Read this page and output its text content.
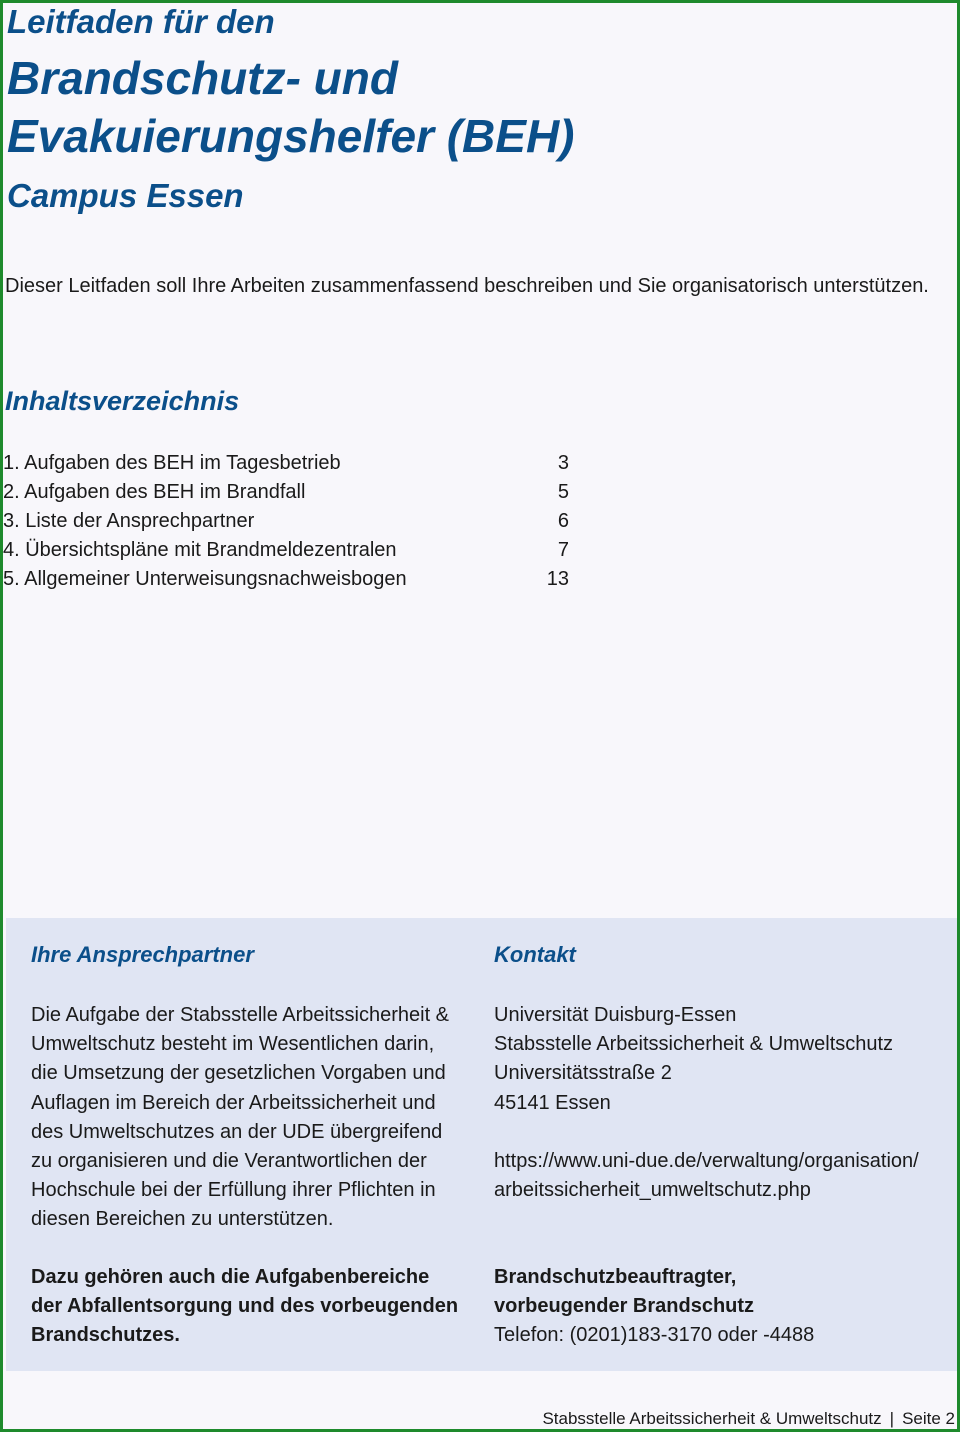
Leitfaden für den
Brandschutz- und
Evakuierungshelfer (BEH)
Campus Essen
Dieser Leitfaden soll Ihre Arbeiten zusammenfassend beschreiben und Sie organisatorisch unterstützen.
Inhaltsverzeichnis
1. Aufgaben des BEH im Tagesbetrieb	3
2. Aufgaben des BEH im Brandfall	5
3. Liste der Ansprechpartner	6
4. Übersichtspläne mit Brandmeldezentralen	7
5. Allgemeiner Unterweisungsnachweisbogen	13
Ihre Ansprechpartner

Die Aufgabe der Stabsstelle Arbeitssicherheit &
Umweltschutz besteht im Wesentlichen darin,
die Umsetzung der gesetzlichen Vorgaben und
Auflagen im Bereich der Arbeitssicherheit und
des Umweltschutzes an der UDE übergreifend
zu organisieren und die Verantwortlichen der
Hochschule bei der Erfüllung ihrer Pflichten in
diesen Bereichen zu unterstützen.

Dazu gehören auch die Aufgabenbereiche
der Abfallentsorgung und des vorbeugenden
Brandschutzes.

Kontakt

Universität Duisburg-Essen
Stabsstelle Arbeitssicherheit & Umweltschutz
Universitätsstraße 2
45141 Essen

https://www.uni-due.de/verwaltung/organisation/
arbeitssicherheit_umweltschutz.php

Brandschutzbeauftragter,
vorbeugender Brandschutz
Telefon: (0201)183-3170 oder -4488

Stabsstelle Arbeitssicherheit & Umweltschutz | Seite 2
